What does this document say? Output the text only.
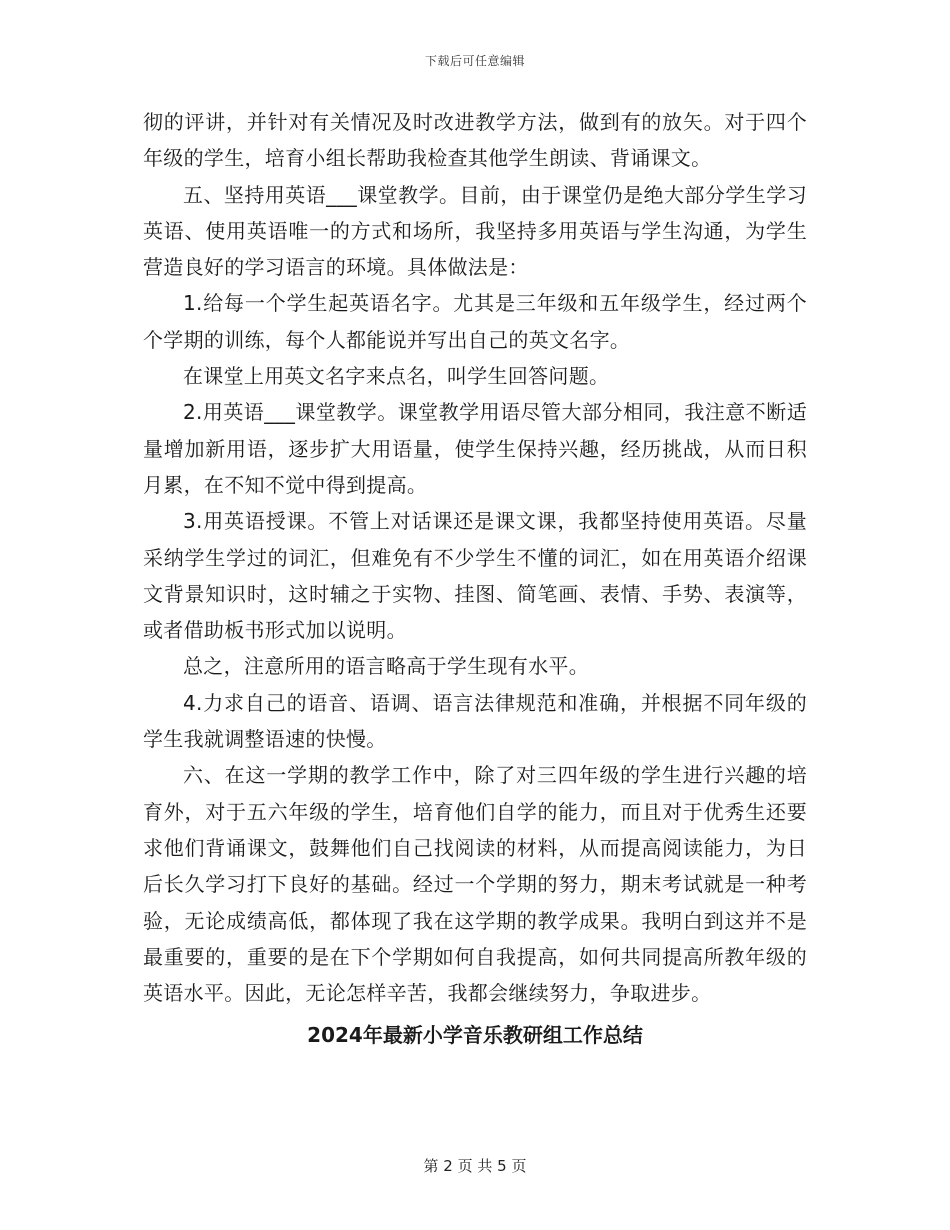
下载后可任意编辑

彻的评讲，并针对有关情况及时改进教学方法，做到有的放矢。对于四个年级的学生，培育小组长帮助我检查其他学生朗读、背诵课文。

五、坚持用英语___课堂教学。目前，由于课堂仍是绝大部分学生学习英语、使用英语唯一的方式和场所，我坚持多用英语与学生沟通，为学生营造良好的学习语言的环境。具体做法是：

1.给每一个学生起英语名字。尤其是三年级和五年级学生，经过两个个学期的训练，每个人都能说并写出自己的英文名字。

在课堂上用英文名字来点名，叫学生回答问题。

2.用英语___课堂教学。课堂教学用语尽管大部分相同，我注意不断适量增加新用语，逐步扩大用语量，使学生保持兴趣，经历挑战，从而日积月累，在不知不觉中得到提高。

3.用英语授课。不管上对话课还是课文课，我都坚持使用英语。尽量采纳学生学过的词汇，但难免有不少学生不懂的词汇，如在用英语介绍课文背景知识时，这时辅之于实物、挂图、简笔画、表情、手势、表演等，或者借助板书形式加以说明。

总之，注意所用的语言略高于学生现有水平。

4.力求自己的语音、语调、语言法律规范和准确，并根据不同年级的学生我就调整语速的快慢。

六、在这一学期的教学工作中，除了对三四年级的学生进行兴趣的培育外，对于五六年级的学生，培育他们自学的能力，而且对于优秀生还要求他们背诵课文，鼓舞他们自己找阅读的材料，从而提高阅读能力，为日后长久学习打下良好的基础。经过一个学期的努力，期末考试就是一种考验，无论成绩高低，都体现了我在这学期的教学成果。我明白到这并不是最重要的，重要的是在下个学期如何自我提高，如何共同提高所教年级的英语水平。因此，无论怎样辛苦，我都会继续努力，争取进步。

2024年最新小学音乐教研组工作总结
第 2 页 共 5 页
